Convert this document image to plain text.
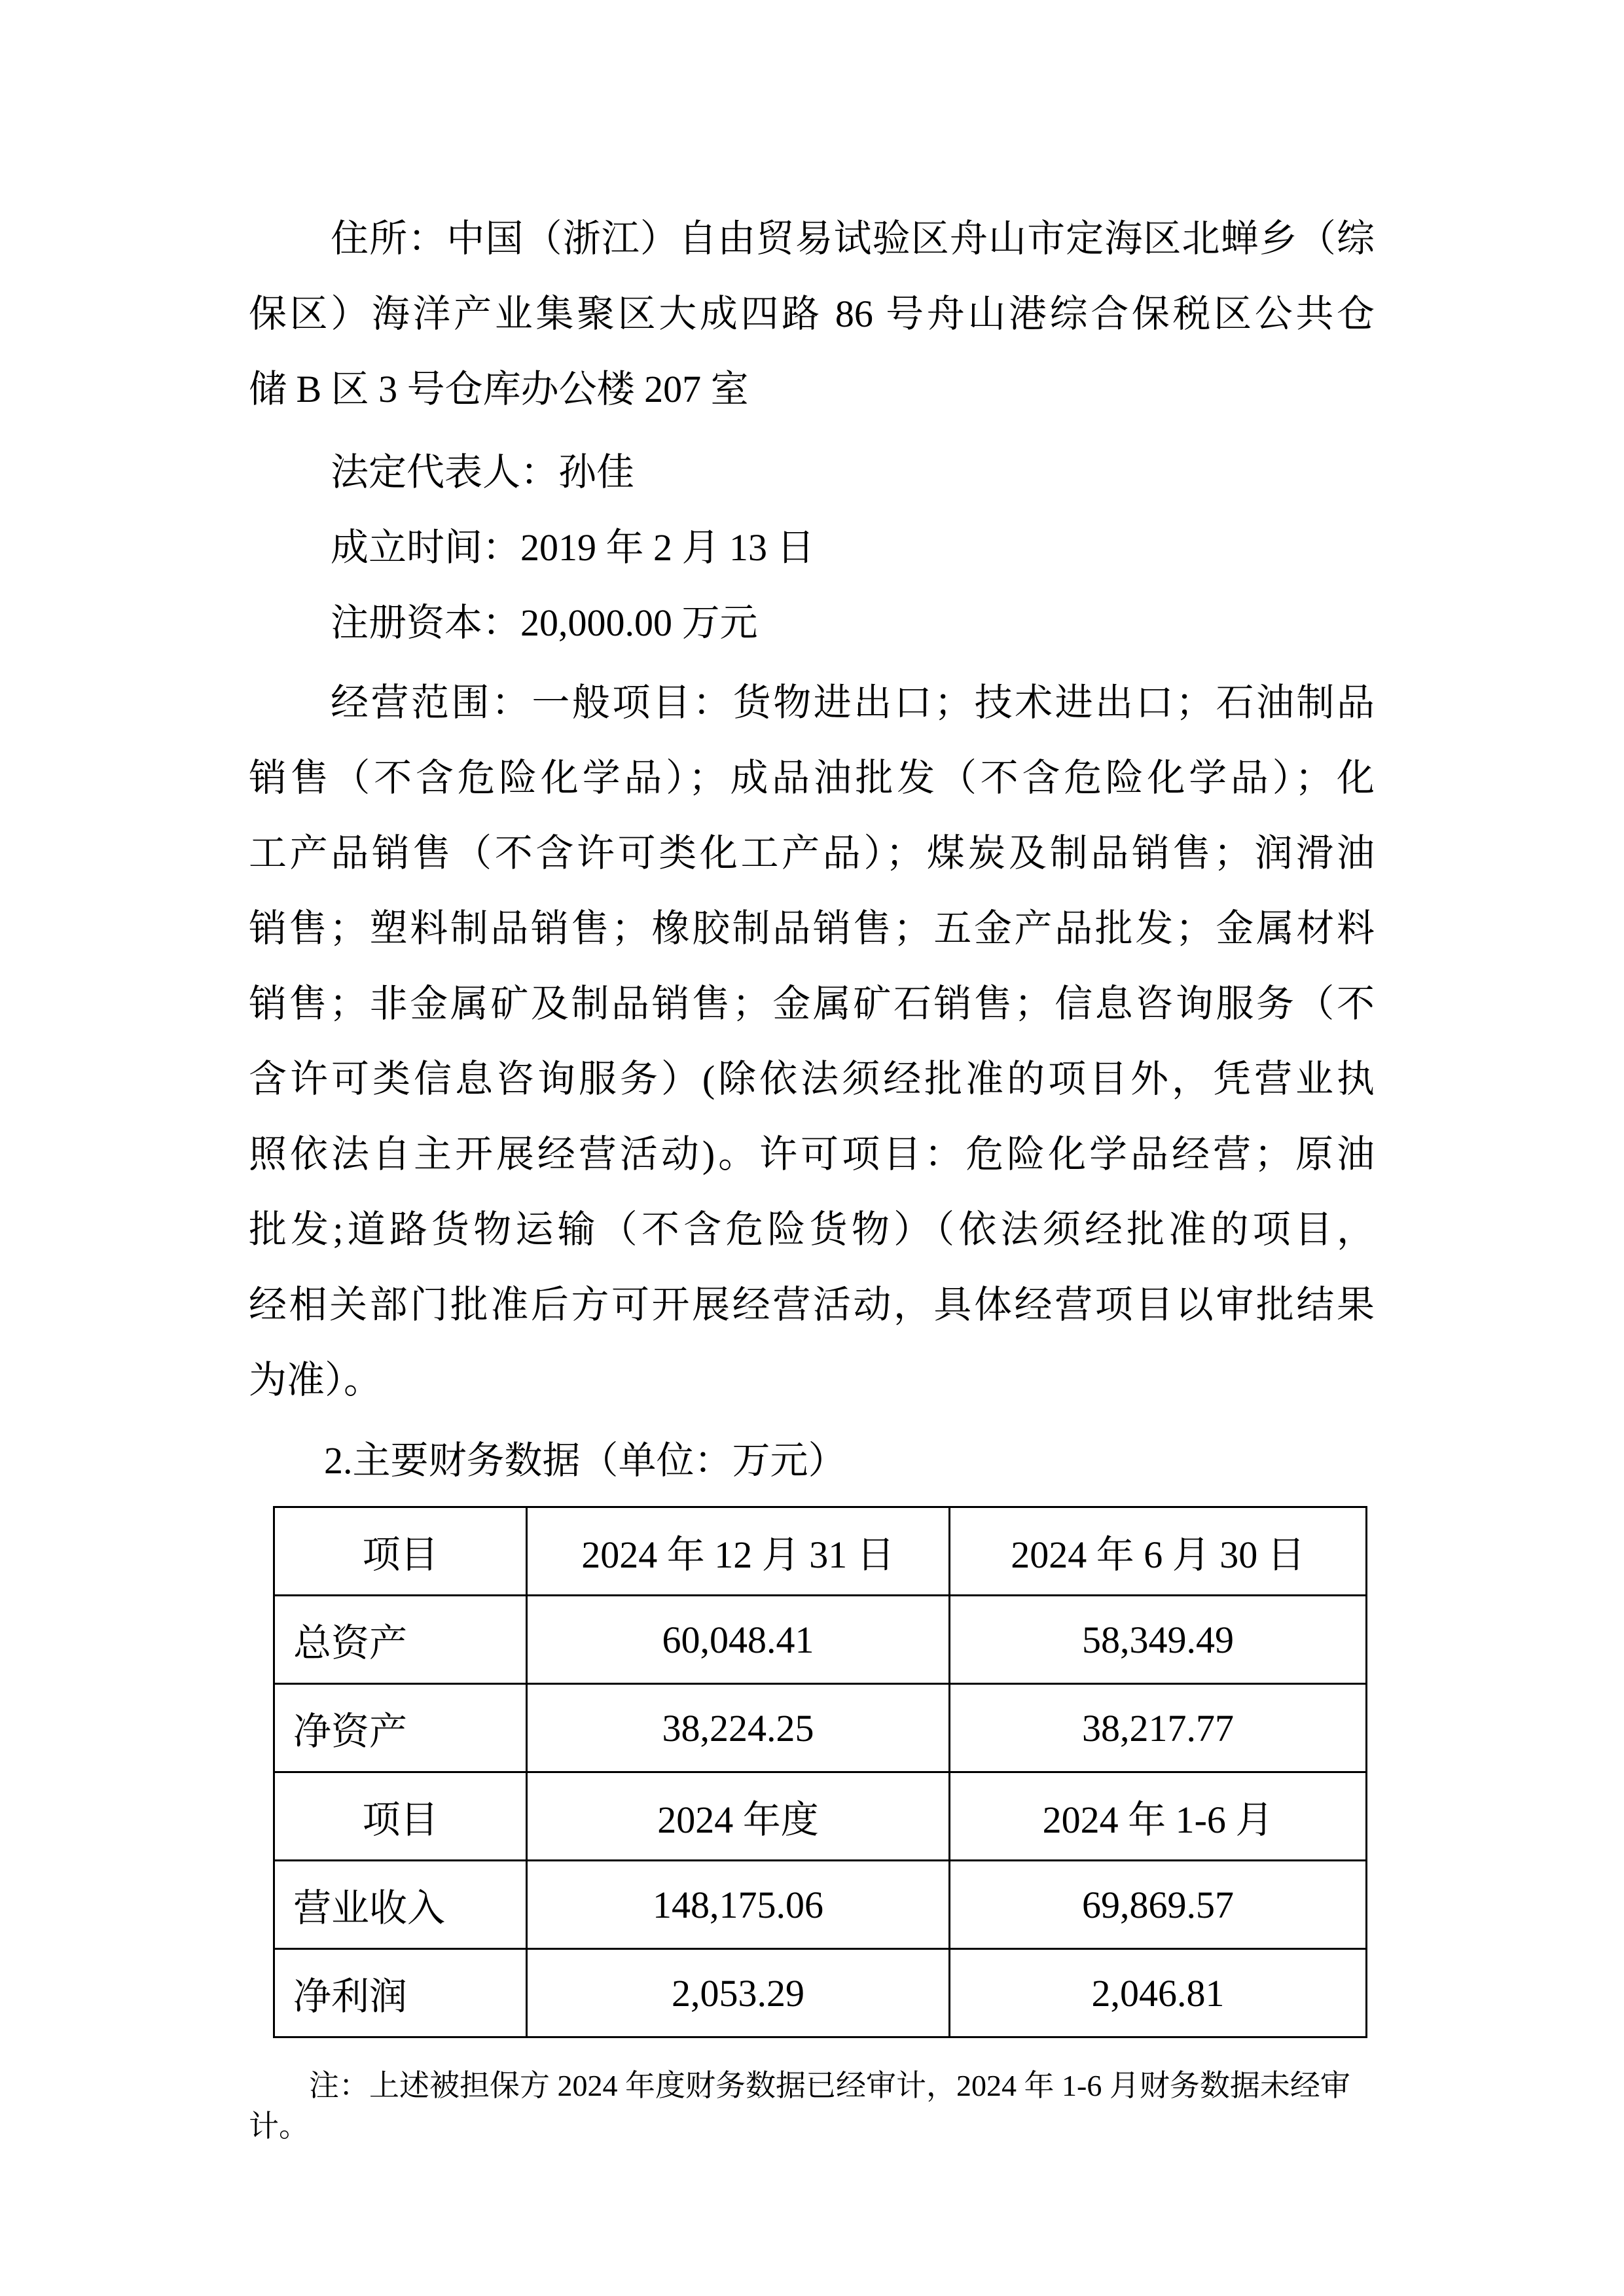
住所：中国（浙江）自由贸易试验区舟山市定海区北蝉乡（综
保区）海洋产业集聚区大成四路 86 号舟山港综合保税区公共仓
储 B 区 3 号仓库办公楼 207 室
法定代表人：孙佳
成立时间：2019 年 2 月 13 日
注册资本：20,000.00 万元
经营范围：一般项目：货物进出口；技术进出口；石油制品
销售（不含危险化学品）；成品油批发（不含危险化学品）；化
工产品销售（不含许可类化工产品）；煤炭及制品销售；润滑油
销售；塑料制品销售；橡胶制品销售；五金产品批发；金属材料
销售；非金属矿及制品销售；金属矿石销售；信息咨询服务（不
含许可类信息咨询服务）(除依法须经批准的项目外，凭营业执
照依法自主开展经营活动)。许可项目：危险化学品经营；原油
批发;道路货物运输（不含危险货物）（依法须经批准的项目，
经相关部门批准后方可开展经营活动，具体经营项目以审批结果
为准）。
2.主要财务数据（单位：万元）
项目	2024 年 12 月 31 日	2024 年 6 月 30 日
总资产	60,048.41	58,349.49
净资产	38,224.25	38,217.77
项目	2024 年度	2024 年 1-6 月
营业收入	148,175.06	69,869.57
净利润	2,053.29	2,046.81
注：上述被担保方 2024 年度财务数据已经审计，2024 年 1-6 月财务数据未经审计。
